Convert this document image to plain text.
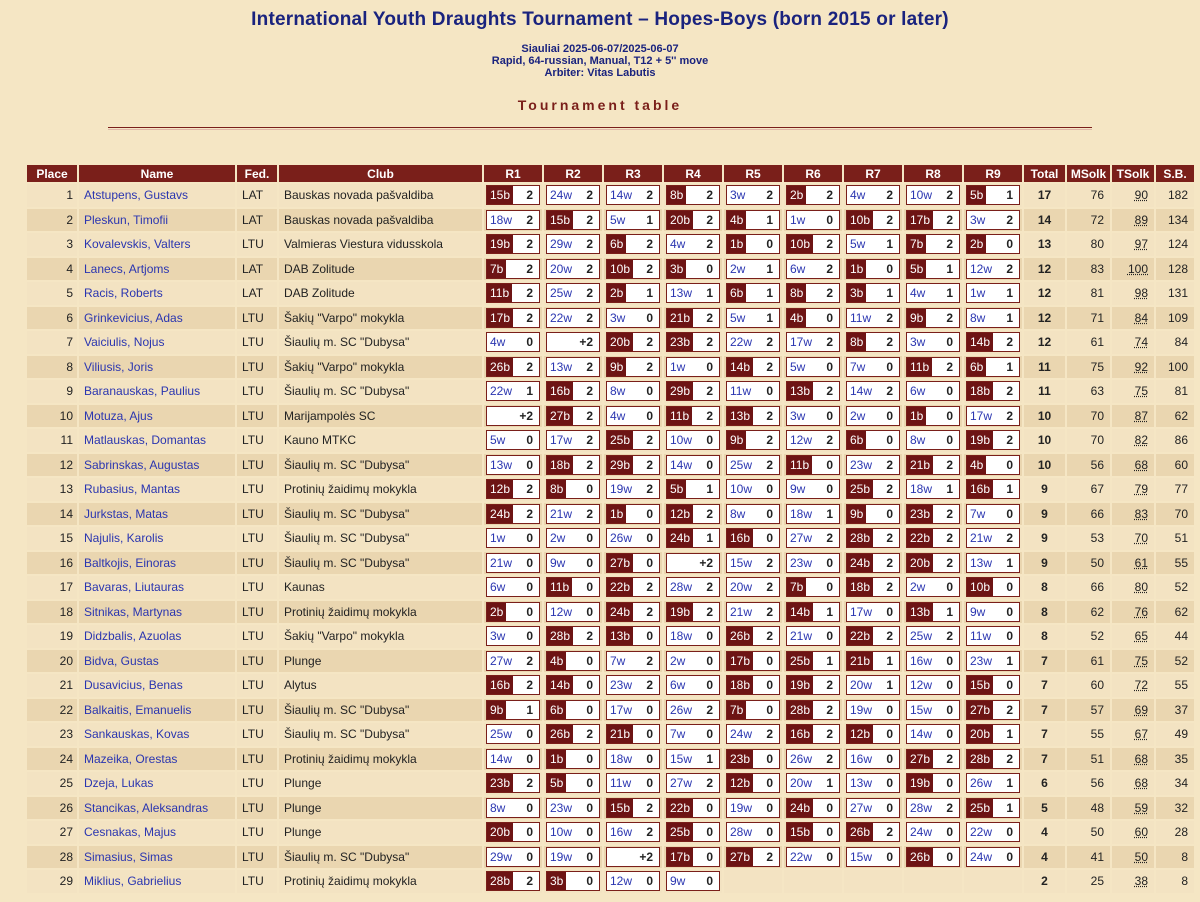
International Youth Draughts Tournament – Hopes-Boys (born 2015 or later)
Siauliai 2025-06-07/2025-06-07
Rapid, 64-russian, Manual, T12 + 5'' move
Arbiter: Vitas Labutis
Tournament table
Place	Name	Fed.	Club	R1	R2	R3	R4	R5	R6	R7	R8	R9	Total	MSolk	TSolk	S.B.
1	Atstupens, Gustavs	LAT	Bauskas novada pašvaldiba	15b 2	24w 2	14w 2	8b 2	3w 2	2b 2	4w 2	10w 2	5b 1	17	76	90	182
2	Pleskun, Timofii	LAT	Bauskas novada pašvaldiba	18w 2	15b 2	5w 1	20b 2	4b 1	1w 0	10b 2	17b 2	3w 2	14	72	89	134
3	Kovalevskis, Valters	LTU	Valmieras Viestura vidusskola	19b 2	29w 2	6b 2	4w 2	1b 0	10b 2	5w 1	7b 2	2b 0	13	80	97	124
4	Lanecs, Artjoms	LAT	DAB Zolitude	7b 2	20w 2	10b 2	3b 0	2w 1	6w 2	1b 0	5b 1	12w 2	12	83	100	128
5	Racis, Roberts	LAT	DAB Zolitude	11b 2	25w 2	2b 1	13w 1	6b 1	8b 2	3b 1	4w 1	1w 1	12	81	98	131
6	Grinkevicius, Adas	LTU	Šakių "Varpo" mokykla	17b 2	22w 2	3w 0	21b 2	5w 1	4b 0	11w 2	9b 2	8w 1	12	71	84	109
7	Vaiciulis, Nojus	LTU	Šiaulių m. SC "Dubysa"	4w 0	+2	20b 2	23b 2	22w 2	17w 2	8b 2	3w 0	14b 2	12	61	74	84
8	Viliusis, Joris	LTU	Šakių "Varpo" mokykla	26b 2	13w 2	9b 2	1w 0	14b 2	5w 0	7w 0	11b 2	6b 1	11	75	92	100
9	Baranauskas, Paulius	LTU	Šiaulių m. SC "Dubysa"	22w 1	16b 2	8w 0	29b 2	11w 0	13b 2	14w 2	6w 0	18b 2	11	63	75	81
10	Motuza, Ajus	LTU	Marijampolės SC	+2	27b 2	4w 0	11b 2	13b 2	3w 0	2w 0	1b 0	17w 2	10	70	87	62
11	Matlauskas, Domantas	LTU	Kauno MTKC	5w 0	17w 2	25b 2	10w 0	9b 2	12w 2	6b 0	8w 0	19b 2	10	70	82	86
12	Sabrinskas, Augustas	LTU	Šiaulių m. SC "Dubysa"	13w 0	18b 2	29b 2	14w 0	25w 2	11b 0	23w 2	21b 2	4b 0	10	56	68	60
13	Rubasius, Mantas	LTU	Protinių žaidimų mokykla	12b 2	8b 0	19w 2	5b 1	10w 0	9w 0	25b 2	18w 1	16b 1	9	67	79	77
14	Jurkstas, Matas	LTU	Šiaulių m. SC "Dubysa"	24b 2	21w 2	1b 0	12b 2	8w 0	18w 1	9b 0	23b 2	7w 0	9	66	83	70
15	Najulis, Karolis	LTU	Šiaulių m. SC "Dubysa"	1w 0	2w 0	26w 0	24b 1	16b 0	27w 2	28b 2	22b 2	21w 2	9	53	70	51
16	Baltkojis, Einoras	LTU	Šiaulių m. SC "Dubysa"	21w 0	9w 0	27b 0	+2	15w 2	23w 0	24b 2	20b 2	13w 1	9	50	61	55
17	Bavaras, Liutauras	LTU	Kaunas	6w 0	11b 0	22b 2	28w 2	20w 2	7b 0	18b 2	2w 0	10b 0	8	66	80	52
18	Sitnikas, Martynas	LTU	Protinių žaidimų mokykla	2b 0	12w 0	24b 2	19b 2	21w 2	14b 1	17w 0	13b 1	9w 0	8	62	76	62
19	Didzbalis, Azuolas	LTU	Šakių "Varpo" mokykla	3w 0	28b 2	13b 0	18w 0	26b 2	21w 0	22b 2	25w 2	11w 0	8	52	65	44
20	Bidva, Gustas	LTU	Plunge	27w 2	4b 0	7w 2	2w 0	17b 0	25b 1	21b 1	16w 0	23w 1	7	61	75	52
21	Dusavicius, Benas	LTU	Alytus	16b 2	14b 0	23w 2	6w 0	18b 0	19b 2	20w 1	12w 0	15b 0	7	60	72	55
22	Balkaitis, Emanuelis	LTU	Šiaulių m. SC "Dubysa"	9b 1	6b 0	17w 0	26w 2	7b 0	28b 2	19w 0	15w 0	27b 2	7	57	69	37
23	Sankauskas, Kovas	LTU	Šiaulių m. SC "Dubysa"	25w 0	26b 2	21b 0	7w 0	24w 2	16b 2	12b 0	14w 0	20b 1	7	55	67	49
24	Mazeika, Orestas	LTU	Protinių žaidimų mokykla	14w 0	1b 0	18w 0	15w 1	23b 0	26w 2	16w 0	27b 2	28b 2	7	51	68	35
25	Dzeja, Lukas	LTU	Plunge	23b 2	5b 0	11w 0	27w 2	12b 0	20w 1	13w 0	19b 0	26w 1	6	56	68	34
26	Stancikas, Aleksandras	LTU	Plunge	8w 0	23w 0	15b 2	22b 0	19w 0	24b 0	27w 0	28w 2	25b 1	5	48	59	32
27	Cesnakas, Majus	LTU	Plunge	20b 0	10w 0	16w 2	25b 0	28w 0	15b 0	26b 2	24w 0	22w 0	4	50	60	28
28	Simasius, Simas	LTU	Šiaulių m. SC "Dubysa"	29w 0	19w 0	+2	17b 0	27b 2	22w 0	15w 0	26b 0	24w 0	4	41	50	8
29	Miklius, Gabrielius	LTU	Protinių žaidimų mokykla	28b 2	3b 0	12w 0	9w 0						2	25	38	8
